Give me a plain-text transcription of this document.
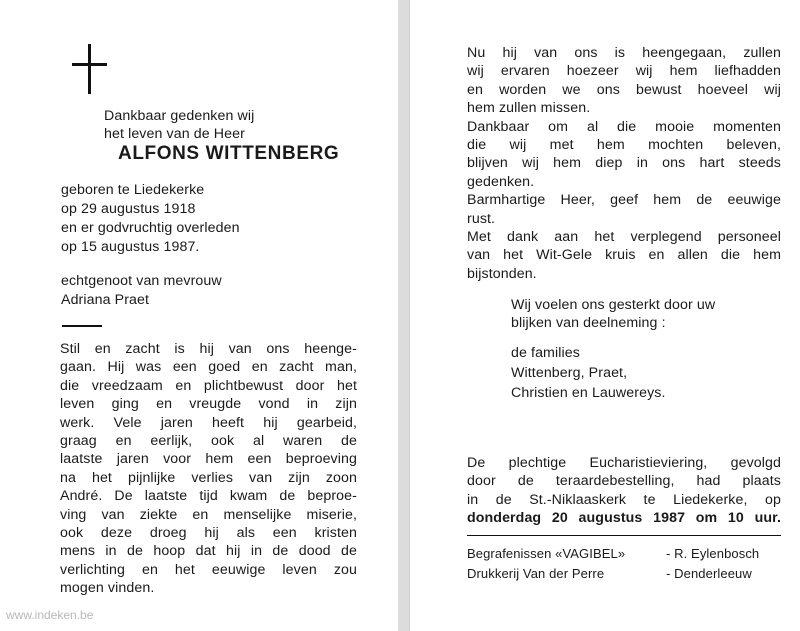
Dankbaar gedenken wij
het leven van de Heer
ALFONS WITTENBERG
geboren te Liedekerke
op 29 augustus 1918
en er godvruchtig overleden
op 15 augustus 1987.
echtgenoot van mevrouw
Adriana Praet

Stil en zacht is hij van ons heenge-

gaan. Hij was een goed en zacht man,

die vreedzaam en plichtbewust door het

leven ging en vreugde vond in zijn

werk. Vele jaren heeft hij gearbeid,

graag en eerlijk, ook al waren de

laatste jaren voor hem een beproeving

na het pijnlijke verlies van zijn zoon

André. De laatste tijd kwam de beproe-

ving van ziekte en menselijke miserie,

ook deze droeg hij als een kristen

mens in de hoop dat hij in de dood de

verlichting en het eeuwige leven zou

mogen vinden.

www.indeken.be

Nu hij van ons is heengegaan, zullen

wij ervaren hoezeer wij hem liefhadden

en worden we ons bewust hoeveel wij

hem zullen missen.

Dankbaar om al die mooie momenten

die wij met hem mochten beleven,

blijven wij hem diep in ons hart steeds

gedenken.

Barmhartige Heer, geef hem de eeuwige

rust.

Met dank aan het verplegend personeel

van het Wit-Gele kruis en allen die hem

bijstonden.

Wij voelen ons gesterkt door uw
blijken van deelneming :
de families
Wittenberg, Praet,
Christien en Lauwereys.

De plechtige Eucharistieviering, gevolgd

door de teraardebestelling, had plaats

in de St.-Niklaaskerk te Liedekerke, op

donderdag 20 augustus 1987 om 10 uur.

Begrafenissen «VAGIBEL»	- R. Eylenbosch
Drukkerij Van der Perre	- Denderleeuw
